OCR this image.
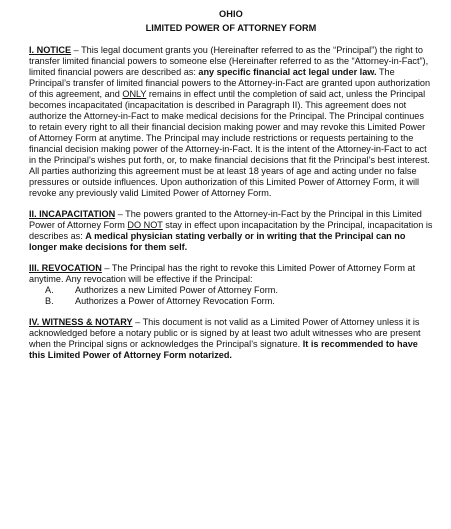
OHIO
LIMITED POWER OF ATTORNEY FORM
I. NOTICE – This legal document grants you (Hereinafter referred to as the “Principal”) the right to transfer limited financial powers to someone else (Hereinafter referred to as the “Attorney-in-Fact”), limited financial powers are described as: any specific financial act legal under law. The Principal’s transfer of limited financial powers to the Attorney-in-Fact are granted upon authorization of this agreement, and ONLY remains in effect until the completion of said act, unless the Principal becomes incapacitated (incapacitation is described in Paragraph II). This agreement does not authorize the Attorney-in-Fact to make medical decisions for the Principal. The Principal continues to retain every right to all their financial decision making power and may revoke this Limited Power of Attorney Form at anytime. The Principal may include restrictions or requests pertaining to the financial decision making power of the Attorney-in-Fact. It is the intent of the Attorney-in-Fact to act in the Principal’s wishes put forth, or, to make financial decisions that fit the Principal’s best interest. All parties authorizing this agreement must be at least 18 years of age and acting under no false pressures or outside influences. Upon authorization of this Limited Power of Attorney Form, it will revoke any previously valid Limited Power of Attorney Form.
II. INCAPACITATION – The powers granted to the Attorney-in-Fact by the Principal in this Limited Power of Attorney Form DO NOT stay in effect upon incapacitation by the Principal, incapacitation is describes as: A medical physician stating verbally or in writing that the Principal can no longer make decisions for them self.
III. REVOCATION – The Principal has the right to revoke this Limited Power of Attorney Form at anytime. Any revocation will be effective if the Principal:
A.	Authorizes a new Limited Power of Attorney Form.
B.	Authorizes a Power of Attorney Revocation Form.
IV. WITNESS & NOTARY – This document is not valid as a Limited Power of Attorney unless it is acknowledged before a notary public or is signed by at least two adult witnesses who are present when the Principal signs or acknowledges the Principal’s signature. It is recommended to have this Limited Power of Attorney Form notarized.
